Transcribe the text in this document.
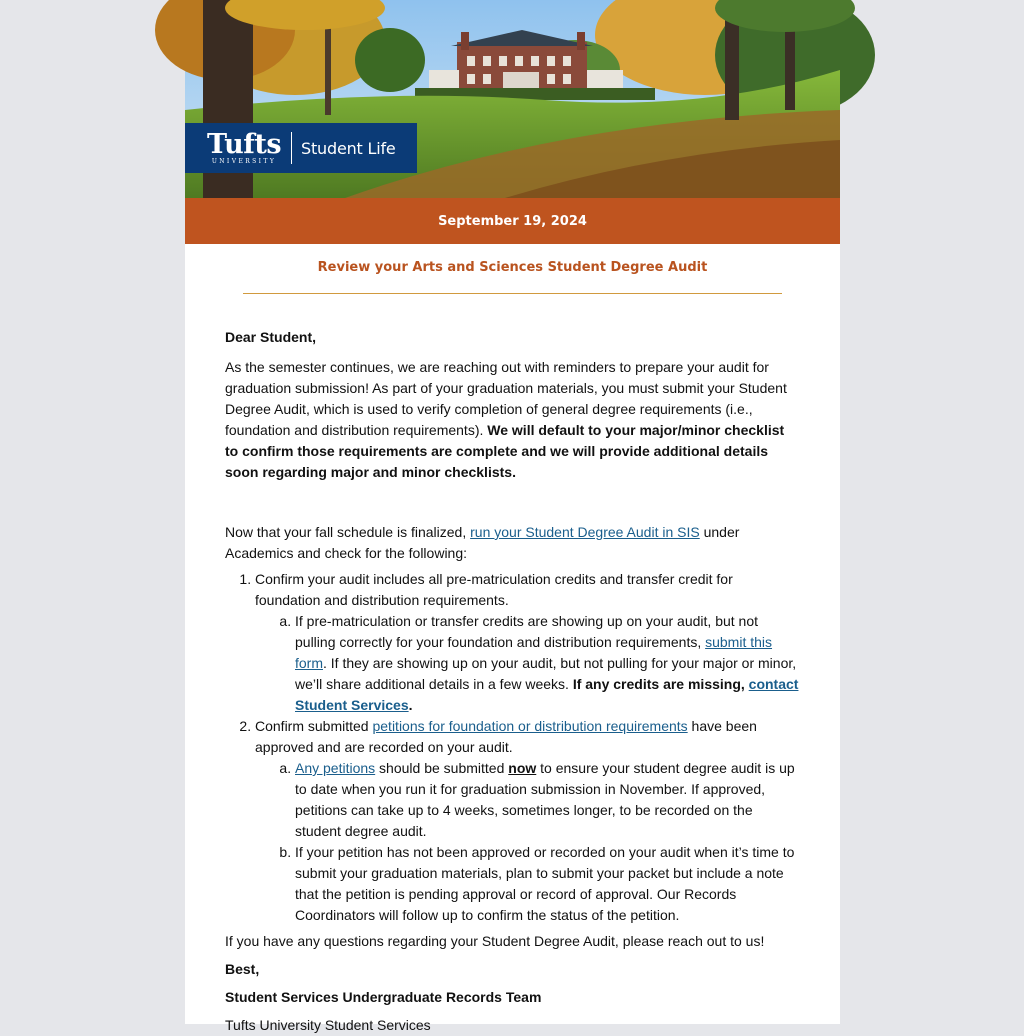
Tufts
UNIVERSITY
Student Life
September 19, 2024
Review your Arts and Sciences Student Degree Audit

Dear Student,

As the semester continues, we are reaching out with reminders to prepare your audit for graduation submission! As part of your graduation materials, you must submit your Student Degree Audit, which is used to verify completion of general degree requirements (i.e., foundation and distribution requirements). We will default to your major/minor checklist to confirm those requirements are complete and we will provide additional details soon regarding major and minor checklists.

Now that your fall schedule is finalized, run your Student Degree Audit in SIS under Academics and check for the following:

1. Confirm your audit includes all pre-matriculation credits and transfer credit for foundation and distribution requirements.
a. If pre-matriculation or transfer credits are showing up on your audit, but not pulling correctly for your foundation and distribution requirements, submit this form. If they are showing up on your audit, but not pulling for your major or minor, we’ll share additional details in a few weeks. If any credits are missing, contact Student Services.
2. Confirm submitted petitions for foundation or distribution requirements have been approved and are recorded on your audit.
a. Any petitions should be submitted now to ensure your student degree audit is up to date when you run it for graduation submission in November. If approved, petitions can take up to 4 weeks, sometimes longer, to be recorded on the student degree audit.
b. If your petition has not been approved or recorded on your audit when it’s time to submit your graduation materials, plan to submit your packet but include a note that the petition is pending approval or record of approval. Our Records Coordinators will follow up to confirm the status of the petition.

If you have any questions regarding your Student Degree Audit, please reach out to us!

Best,

Student Services Undergraduate Records Team

Tufts University Student Services
